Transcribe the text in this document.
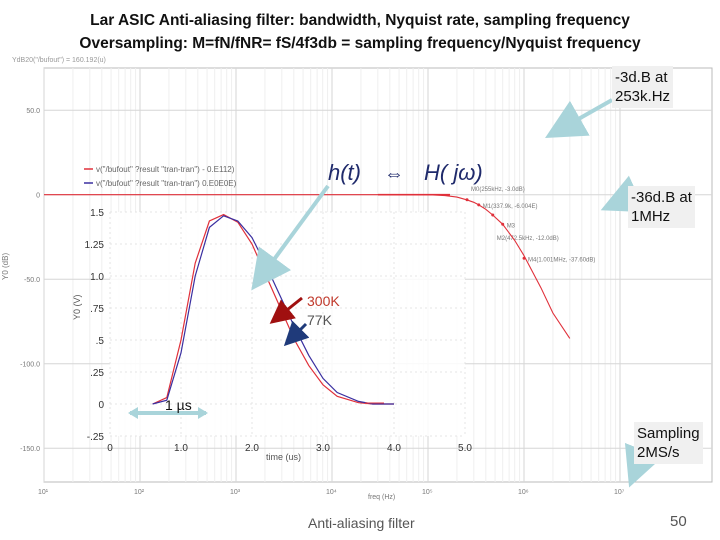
Lar ASIC Anti-aliasing filter: bandwidth, Nyquist rate, sampling frequency
Oversampling: M=fN/fNR= fS/4f3db = sampling frequency/Nyquist frequency
10¹	10²	10³	10⁴	10⁵	10⁶	10⁷
0
-50.0
-100.0
-150.0
50.0
YdB20("/bufout") = 160.192(u)
Y0 (dB)
freq (Hz)
M0(255kHz, -3.0dB)
M1(337.9k, -6.004E)
M2(472.5kHz, -12.0dB)
M3
M4(1.001MHz, -37.60dB)
-.25
0
.25
.5
.75
1.0
1.25
1.5
0	1.0	2.0	3.0	4.0	5.0
Y0 (V)
time (us)
v("/bufout" ?result "tran-tran") - 0.E112)
v("/bufout" ?result "tran-tran") 0.E0E0E)	h(t) ⇔ H( jω)
300K
77K
1 µs
-3d.B at
253k.Hz
-36d.B at
1MHz
Sampling
2MS/s
Anti-aliasing filter	50
